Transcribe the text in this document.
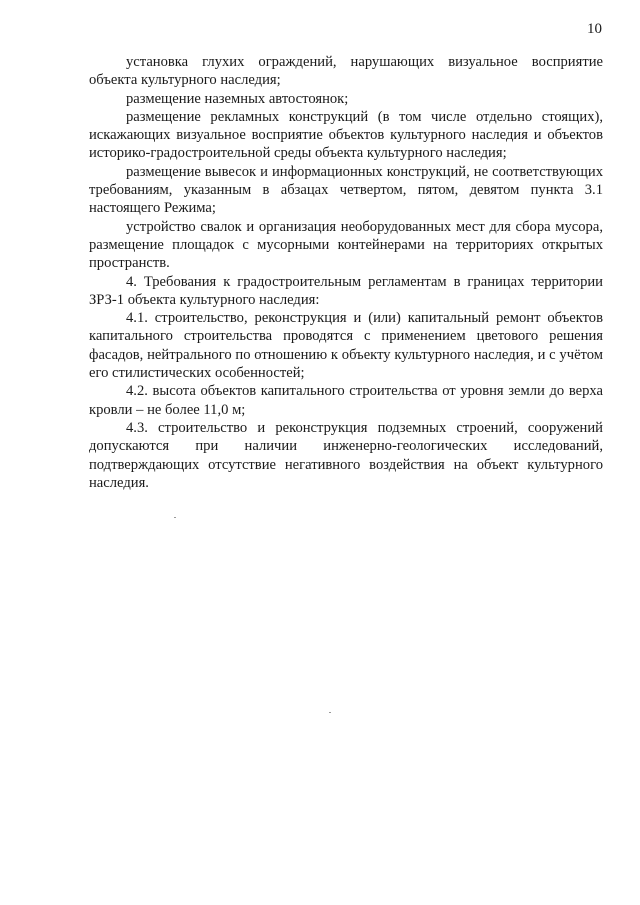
10

установка глухих ограждений, нарушающих визуальное восприятие объекта культурного наследия;

размещение наземных автостоянок;

размещение рекламных конструкций (в том числе отдельно стоящих), искажающих визуальное восприятие объектов культурного наследия и объектов историко-градостроительной среды объекта культурного наследия;

размещение вывесок и информационных конструкций, не соответствующих требованиям, указанным в абзацах четвертом, пятом, девятом пункта 3.1 настоящего Режима;

устройство свалок и организация необорудованных мест для сбора мусора, размещение площадок с мусорными контейнерами на территориях открытых пространств.

4. Требования к градостроительным регламентам в границах территории ЗРЗ-1 объекта культурного наследия:

4.1. строительство, реконструкция и (или) капитальный ремонт объектов капитального строительства проводятся с применением цветового решения фасадов, нейтрального по отношению к объекту культурного наследия, и с учётом его стилистических особенностей;

4.2. высота объектов капитального строительства от уровня земли до верха кровли – не более 11,0 м;

4.3. строительство и реконструкция подземных строений, сооружений допускаются при наличии инженерно-геологических исследований, подтверждающих отсутствие негативного воздействия на объект культурного наследия.
